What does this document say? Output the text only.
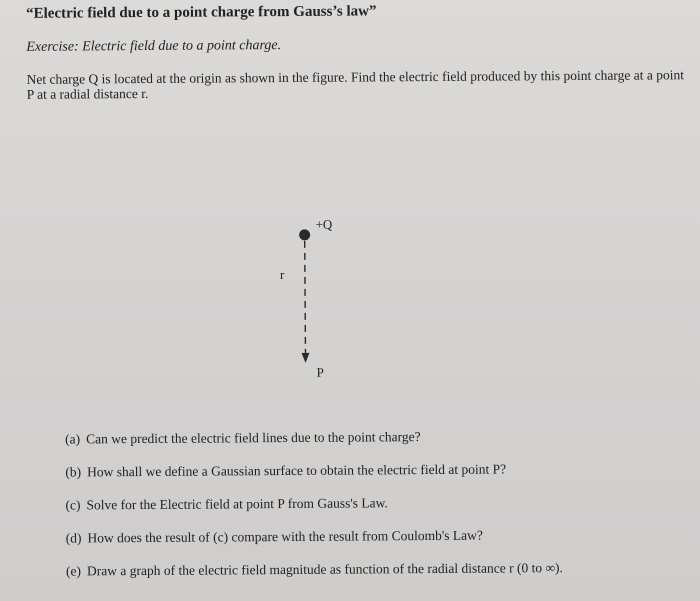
“Electric field due to a point charge from Gauss’s law”
Exercise: Electric field due to a point charge.
Net charge Q is located at the origin as shown in the figure. Find the electric field produced by this point charge at a point P at a radial distance r.
+Q
r
P
(a) Can we predict the electric field lines due to the point charge?
(b) How shall we define a Gaussian surface to obtain the electric field at point P?
(c) Solve for the Electric field at point P from Gauss's Law.
(d) How does the result of (c) compare with the result from Coulomb's Law?
(e) Draw a graph of the electric field magnitude as function of the radial distance r (0 to ∞).
